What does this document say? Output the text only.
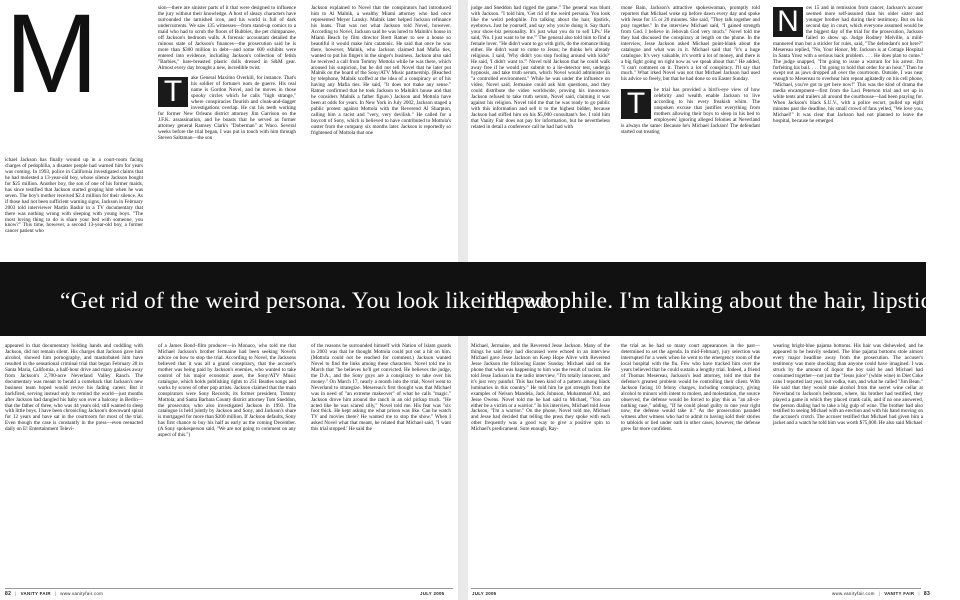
M

ichael Jackson has finally wound up in a court-room facing charges of pedophilia, a disaster people had warned him for years was coming. In 1993, police in California investigated claims that he had molested a 13-year-old boy, whose silence Jackson bought for $25 million. Another boy, the son of one of his former maids, has since testified that Jackson started groping him when he was seven. The boy's mother received $2.4 million for their silence. As if those had not been sufficient warning signs, Jackson in February 2003 told interviewer Martin Bashir in a TV documentary that there was nothing wrong with sleeping with young boys. "The most loving thing to do is share your bed with someone, you know?" This time, however, a second 13-year-old boy, a former cancer patient who

sion—there are sinister parts of it that were designed to influence the jury without their knowledge. A host of sleazy characters have surrounded the tarnished icon, and his world is full of dark undercurrents. We saw 135 witnesses—from stand-up comics to a maid who had to scrub the floors of Bubbles, the pet chimpanzee, off Jackson's bedroom walls. A forensic accountant detailed the ruinous state of Jackson's finances—the prosecution said he is more than $300 million in debt—and some 600 exhibits were entered into evidence, including Jackson's collection of fetish "Barbies," bare-breasted plastic dolls dressed in S&M gear. Almost every day brought a new, incredible twist.

T	ake General Maximo Overkill, for instance. That's his soldier of fortune's nom de guerre. His real name is Gordon Novel, and he moves in those spooky circles which he calls "high strange," where conspiracies flourish and cloak-and-dagger investigations overlap. He cut his teeth working for former New Orleans district attorney Jim Garrison on the J.F.K. assassination, and he boasts that he served as former attorney general Ramsey Clark's "Doberman" at Waco. Several weeks before the trial began, I was put in touch with him through Steven Saltzman—the son

Jackson explained to Novel that the conspirators had introduced him to Al Malnik, a wealthy Miami attorney who had once represented Meyer Lansky. Malnik later helped Jackson refinance his loans. That was not what Jackson told Novel, however. According to Novel, Jackson said he was lured to Malnik's house in Miami Beach by film director Brett Ratner to see a house so beautiful it would make him catatonic. He said that once he was there, however, Malnik, who Jackson claimed had Mafia ties, wanted to put his fingers in the singer's business. Jackson also said he received a call from Tommy Mottola while he was there, which aroused his suspicion, but he did not tell Novel that he later put Malnik on the board of the Sony/ATV Music partnership. (Reached by telephone, Malnik scoffed at the idea of a conspiracy or of his having any Mafia ties. He said, "It does not make any sense." Ratner confirmed that he took Jackson to Malnik's house and that he considers Malnik a father figure.) Jackson and Mottola have been at odds for years. In New York in July 2002, Jackson staged a public protest against Mottola with the Reverend Al Sharpton, calling him a racist and "very, very devilish." He called for a boycott of Sony, which is believed to have contributed to Mottola's ouster from the company six months later. Jackson is reportedly so frightened of Mottola that one

appeared in that documentary holding hands and cuddling with Jackson, did not remain silent. His charges that Jackson gave him alcohol, showed him pornography, and masturbated him have resulted in the sensational criminal trial that began February 28 in Santa Maria, California, a half-hour drive and many galaxies away from Jackson's 2,700-acre Neverland Valley Ranch. The documentary was meant to herald a comeback that Jackson's new business team hoped would revive his fading career. But it backfired, serving instead only to remind the world—just months after Jackson had dangled his baby son over a balcony in Berlin—that the father of three, who was 44 years old, still wanted to sleep with little boys. I have been chronicling Jackson's downward spiral for 12 years and have sat in the courtroom for most of the trial. Even though the case is constantly in the press—even reenacted daily on E! Entertainment Televi-

of a James Bond–film producer—in Monaco, who told me that Michael Jackson's brother Jermaine had been seeking Novel's advice on how to stop the trial. According to Novel, the Jacksons believed that it was all a grand conspiracy, that the accuser's mother was being paid by Jackson's enemies, who wanted to take control of his major economic asset, the Sony/ATV Music catalogue, which holds publishing rights to 251 Beatles songs and works by scores of other pop artists. Jackson claimed that the main conspirators were Sony Records; its former president, Tommy Mottola; and Santa Barbara County district attorney Tom Sneddon, the prosecutor, who also investigated Jackson in 1993. The catalogue is held jointly by Jackson and Sony, and Jackson's share is mortgaged for more than $200 million. If Jackson defaults, Sony has first chance to buy his half as early as the coming December. (A Sony spokesperson said, "We are not going to comment on any aspect of this.")

of the reasons he surrounded himself with Nation of Islam guards in 2003 was that he thought Mottola could put out a hit on him. (Mottola could not be reached for comment.) Jackson wanted Novel to find the links among these characters. Novel told me in March that "he believes he'll get convicted. He believes the judge, the D.A., and the Sony guys are a conspiracy to take over his money." On March 17, nearly a month into the trial, Novel went to Neverland to strategize. Mesereau's first thought was that Michael was in need of "an extreme makeover" of what he calls "magic." Jackson drove him around the ranch in an old pickup truck. "He acted like he was scared silly," Novel told me. His fear was "six foot thick. He kept asking me what prison was like. Can he watch TV and movies there? He wanted me to stop the show." When I asked Novel what that meant, he related that Michael said, "I want this trial stopped.' He said the

judge and Sneddon had rigged the game." The general was blunt with Jackson. "I told him, 'Get rid of the weird persona. You look like the weird pedophile. I'm talking about the hair, lipstick, eyebrows. Just be yourself, and say why you're doing it. Say that's your show-biz personality. It's just what you do to sell LPs.' He said, 'No. I just want to be me.'" The general also told him to find a female lover. "He didn't want to go with girls, do the romance thing either. He didn't want to come to Jesus; he thinks he's already religious. I said, 'Why didn't you stop fooling around with kids?' He said, 'I didn't want to.'" Novel told Jackson that he could walk away free if he would just submit to a lie-detector test, undergo hypnosis, and take truth serum, which Novel would administer in "a controlled environment." While he was under the influence on video, Novel said, Jermaine could ask him questions, and they could distribute the video worldwide, proving his innocence. Jackson refused to take truth serum, Novel said, claiming it was against his religion. Novel told me that he was ready to go public with this information and sell it to the highest bidder, because Jackson had stiffed him on his $5,000 consultant's fee. I told him that Vanity Fair does not pay for information, but he nevertheless related in detail a conference call he had had with

mone Bain, Jackson's attractive spokeswoman, promptly told reporters that Michael woke up before dawn every day and spoke with Jesse for 15 or 20 minutes. She said, "They talk together and pray together." In the interview Michael said, "I gained strength from God. I believe in Jehovah God very much." Novel told me they had discussed the conspiracy at length on the phone. In the interview, Jesse Jackson asked Michael point-blank about the catalogue and what was in it. Michael said that "it's a huge catalogue. It's very valuable, it's worth a lot of money, and there is a big fight going on right now as we speak about that." He added, "I can't comment on it. There's a lot of conspiracy. I'll say that much." What irked Novel was not that Michael Jackson had used his advice so freely, but that he had done so on Easter Sunday.

T	he trial has provided a bird's-eye view of how celebrity and wealth enable Jackson to live according to his every freakish whim. The unspoken excuse that justifies everything from mothers allowing their boys to sleep in his bed to employees' ignoring alleged felonies at Neverland is always the same: Because he's Michael Jackson! The defendant started out treating

N	ow 15 and in remission from cancer, Jackson's accuser seemed more self-assured than his older sister and younger brother had during their testimony. But on his second day in court, which everyone assumed would be the biggest day of the trial for the prosecution, Jackson failed to show up. Judge Rodney Melville, a mild-mannered man but a stickler for rules, said, "The defendant's not here?" Mesereau replied, "No, Your Honor, Mr. Jackson is at Cottage Hospital in Santa Ynez with a serious back problem. . . . He does plan to come." The judge snapped, "I'm going to issue a warrant for his arrest. I'm forfeiting his bail. . . . I'm going to hold that order for an hour." Then he swept out as jaws dropped all over the courtroom. Outside, I was near enough to Mesereau to overhear him repeat agitatedly on his cell phone, "Michael, you've got to get here now!" This was the kind of drama the media encampment—first from the Laci Peterson trial and set up in white tents and trailers all around the courthouse—had been praying for. When Jackson's black S.U.V., with a police escort, pulled up eight minutes past the deadline, his small crowd of fans yelled, "We love you, Michael!" It was clear that Jackson had not planned to leave the hospital, because he emerged

Michael, Jermaine, and the Reverend Jesse Jackson. Many of the things he said they had discussed were echoed in an interview Michael gave Jesse Jackson on Keep Hope Alive with Reverend Jesse Jackson the following Easter Sunday. Michael said on the phone that what was happening to him was the result of racism. He told Jesse Jackson in the radio interview, "I'm totally innocent, and it's just very painful. This has been kind of a pattern among black luminaries in this country." He told him he got strength from the examples of Nelson Mandela, Jack Johnson, Muhammad Ali, and Jesse Owens. Novel told me he had said to Michael, "You can either be a victim or a warrior." In his interview, Michael told Jesse Jackson, "I'm a warrior." On the phone, Novel told me, Michael and Jesse had decided that telling the press they spoke with each other frequently was a good way to give a positive spin to Michael's predicament. Sure enough, Ray-

the trial as he had so many court appearances in the past—determined to set the agenda. In mid-February, jury selection was interrupted for a week when he went to the emergency room of the local hospital with the flu. Few who have tracked him over the years believed that he could sustain a lengthy trial. Indeed, a friend of Thomas Mesereau, Jackson's lead attorney, told me that the defense's greatest problem would be controlling their client. With Jackson facing 10 felony charges, including conspiracy, giving alcohol to minors with intent to molest, and molestation, the source observed, the defense would be forced to play this as "an all-or-nothing case," adding, "If he could plead guilty to one year right now, the defense would take it." As the prosecution paraded witness after witness who had to admit to having sold their stories to tabloids or lied under oath in other cases, however, the defense grew far more confident.

wearing bright-blue pajama bottoms. His hair was disheveled, and he appeared to be heavily sedated. The blue pajama bottoms stole almost every major headline away from the prosecution. The accuser's testimony was more shocking than anyone could have imagined. I was struck by the amount of liquor the boy said he and Michael had consumed together—not just the "Jesus juice" (white wine) in Diet Coke cans I reported last year, but vodka, rum, and what he called "Jim Bean." He said that they would take alcohol from the secret wine cellar at Neverland to Jackson's bedroom, where, his brother had testified, they played a game in which they placed crank calls, and if no one answered, the person dialing had to take a big gulp of wine. The brother had also testified to seeing Michael with an erection and with his hand moving on the accuser's crotch. The accuser testified that Michael had given him a jacket and a watch he told him was worth $75,000. He also said Michael

“Get rid of the weird persona. You look like the we
ird pedophile. I'm talking about the hair, lipstick.”
82 | VANITY FAIR | www.vanityfair.com	JULY 2005	JULY 2005	www.vanityfair.com | VANITY FAIR | 83
